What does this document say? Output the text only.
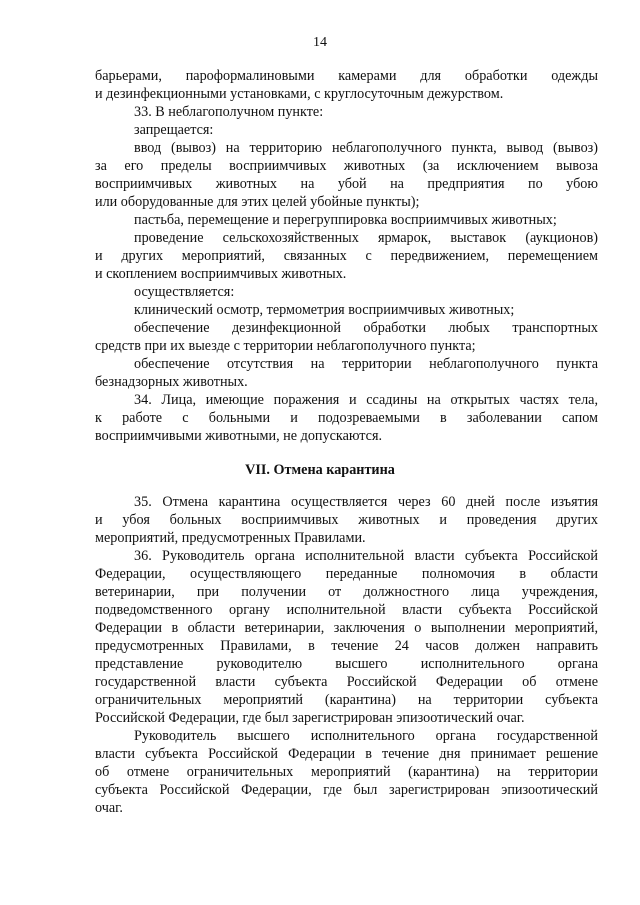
14

барьерами, пароформалиновыми камерами для обработки одежды

и дезинфекционными установками, с круглосуточным дежурством.

33. В неблагополучном пункте:

запрещается:

ввод (вывоз) на территорию неблагополучного пункта, вывод (вывоз)

за его пределы восприимчивых животных (за исключением вывоза

восприимчивых животных на убой на предприятия по убою

или оборудованные для этих целей убойные пункты);

пастьба, перемещение и перегруппировка восприимчивых животных;

проведение сельскохозяйственных ярмарок, выставок (аукционов)

и других мероприятий, связанных с передвижением, перемещением

и скоплением восприимчивых животных.

осуществляется:

клинический осмотр, термометрия восприимчивых животных;

обеспечение дезинфекционной обработки любых транспортных

средств при их выезде с территории неблагополучного пункта;

обеспечение отсутствия на территории неблагополучного пункта

безнадзорных животных.

34. Лица, имеющие поражения и ссадины на открытых частях тела,

к работе с больными и подозреваемыми в заболевании сапом

восприимчивыми животными, не допускаются.

VII. Отмена карантина

35. Отмена карантина осуществляется через 60 дней после изъятия

и убоя больных восприимчивых животных и проведения других

мероприятий, предусмотренных Правилами.

36. Руководитель органа исполнительной власти субъекта Российской

Федерации, осуществляющего переданные полномочия в области

ветеринарии, при получении от должностного лица учреждения,

подведомственного органу исполнительной власти субъекта Российской

Федерации в области ветеринарии, заключения о выполнении мероприятий,

предусмотренных Правилами, в течение 24 часов должен направить

представление руководителю высшего исполнительного органа

государственной власти субъекта Российской Федерации об отмене

ограничительных мероприятий (карантина) на территории субъекта

Российской Федерации, где был зарегистрирован эпизоотический очаг.

Руководитель высшего исполнительного органа государственной

власти субъекта Российской Федерации в течение дня принимает решение

об отмене ограничительных мероприятий (карантина) на территории

субъекта Российской Федерации, где был зарегистрирован эпизоотический

очаг.
